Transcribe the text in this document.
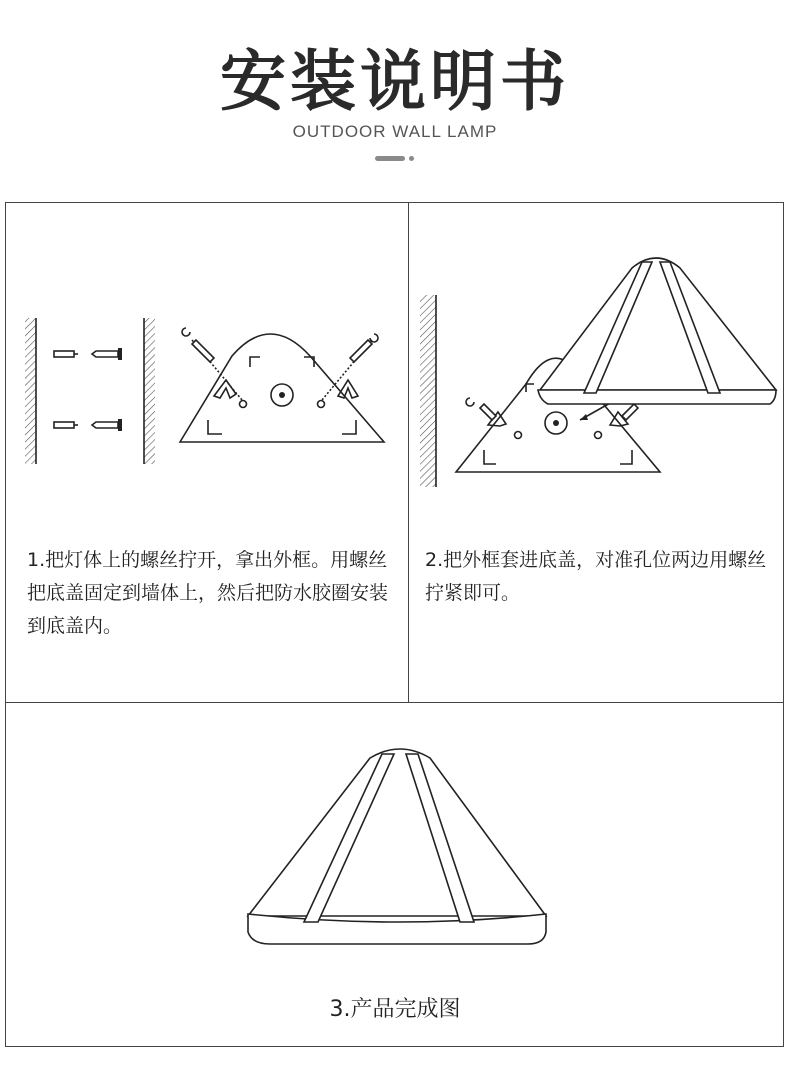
安装说明书
OUTDOOR WALL LAMP
1.把灯体上的螺丝拧开，拿出外框。用螺丝把底盖固定到墙体上，然后把防水胶圈安装到底盖内。
2.把外框套进底盖，对准孔位两边用螺丝拧紧即可。
3.产品完成图
